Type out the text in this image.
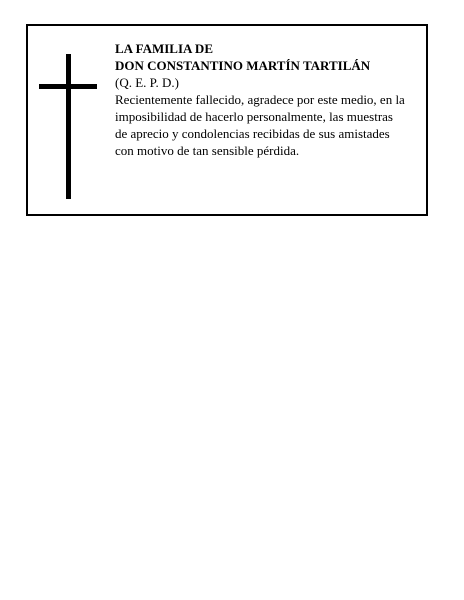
LA FAMILIA DE
DON CONSTANTINO MARTÍN TARTILÁN
(Q. E. P. D.)
Recientemente fallecido, agradece por este medio, en la
imposibilidad de hacerlo personalmente, las muestras
de aprecio y condolencias recibidas de sus amistades
con motivo de tan sensible pérdida.
